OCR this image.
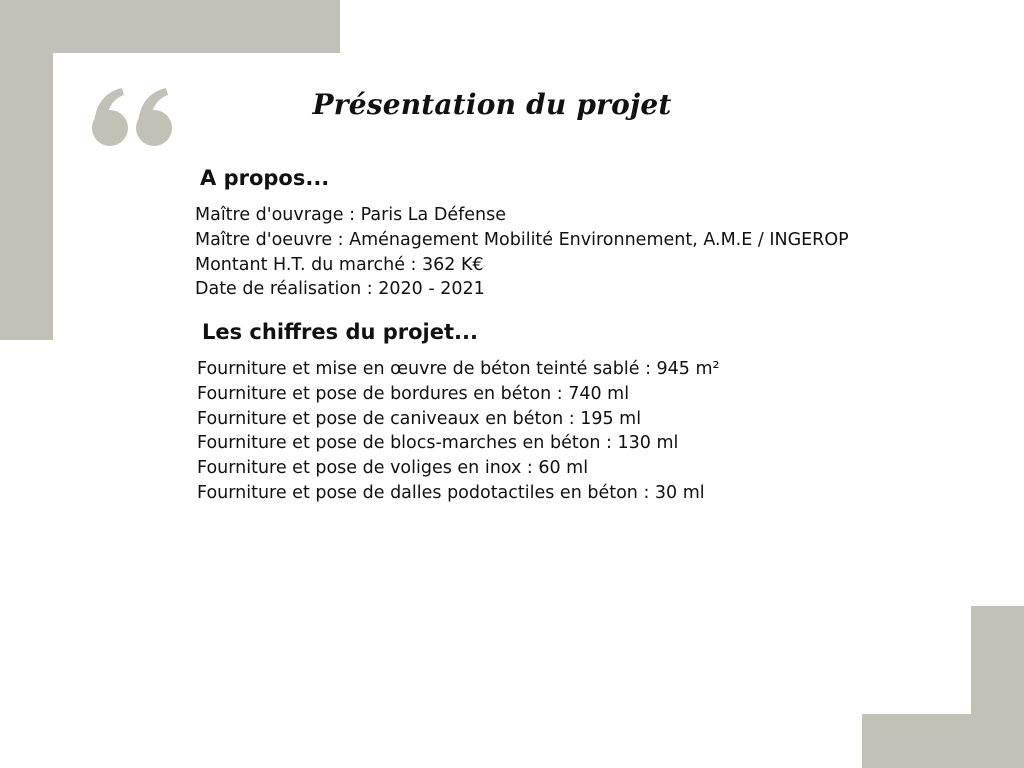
Présentation du projet
A propos...
Maître d'ouvrage : Paris La Défense
Maître d'oeuvre : Aménagement Mobilité Environnement, A.M.E / INGEROP
Montant H.T. du marché : 362 K€
Date de réalisation : 2020 - 2021
Les chiffres du projet...
Fourniture et mise en œuvre de béton teinté sablé : 945 m²
Fourniture et pose de bordures en béton : 740 ml
Fourniture et pose de caniveaux en béton : 195 ml
Fourniture et pose de blocs-marches en béton : 130 ml
Fourniture et pose de voliges en inox : 60 ml
Fourniture et pose de dalles podotactiles en béton : 30 ml
